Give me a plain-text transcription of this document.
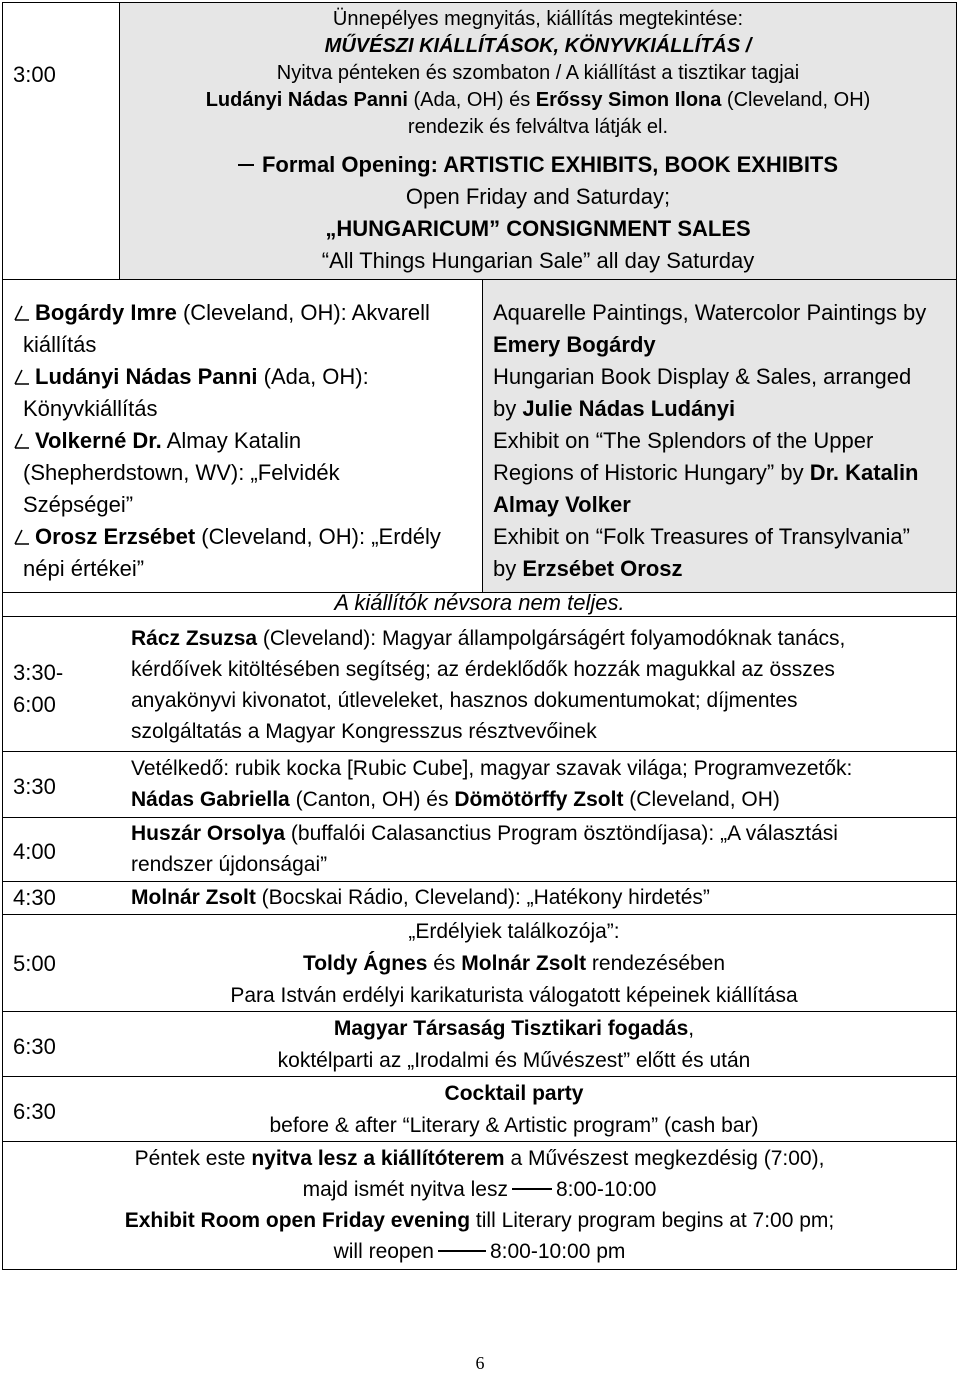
3:00
Ünnepélyes megnyitás, kiállítás megtekintése:
MŰVÉSZI KIÁLLÍTÁSOK, KÖNYVKIÁLLÍTÁS /
Nyitva pénteken és szombaton / A kiállítást a tisztikar tagjai
Ludányi Nádas Panni (Ada, OH) és Erőssy Simon Ilona (Cleveland, OH)
rendezik és felváltva látják el.
Formal Opening: ARTISTIC EXHIBITS, BOOK EXHIBITS
Open Friday and Saturday;
„HUNGARICUM” CONSIGNMENT SALES
“All Things Hungarian Sale” all day Saturday
Bogárdy Imre (Cleveland, OH): Akvarell
kiállítás
Ludányi Nádas Panni (Ada, OH):
Könyvkiállítás
Volkerné Dr. Almay Katalin
(Shepherdstown, WV): „Felvidék
Szépségei”
Orosz Erzsébet (Cleveland, OH): „Erdély
népi értékei”
Aquarelle Paintings, Watercolor Paintings by
Emery Bogárdy
Hungarian Book Display & Sales, arranged
by Julie Nádas Ludányi
Exhibit on “The Splendors of the Upper
Regions of Historic Hungary” by Dr. Katalin
Almay Volker
Exhibit on “Folk Treasures of Transylvania”
by Erzsébet Orosz
A kiállítók névsora nem teljes.
3:30-
6:00
Rácz Zsuzsa (Cleveland): Magyar állampolgárságért folyamodóknak tanács,
kérdőívek kitöltésében segítség; az érdeklődők hozzák magukkal az összes
anyakönyvi kivonatot, útleveleket, hasznos dokumentumokat; díjmentes
szolgáltatás a Magyar Kongresszus résztvevőinek
3:30
Vetélkedő: rubik kocka [Rubic Cube], magyar szavak világa; Programvezetők:
Nádas Gabriella (Canton, OH) és Dömötörffy Zsolt (Cleveland, OH)
4:00
Huszár Orsolya (buffalói Calasanctius Program ösztöndíjasa): „A választási
rendszer újdonságai”
4:30	Molnár Zsolt (Bocskai Rádio, Cleveland): „Hatékony hirdetés”
5:00
„Erdélyiek találkozója”:
Toldy Ágnes és Molnár Zsolt rendezésében
Para István erdélyi karikaturista válogatott képeinek kiállítása
6:30
Magyar Társaság Tisztikari fogadás,
koktélparti az „Irodalmi és Művészest” előtt és után
6:30
Cocktail party
before & after “Literary & Artistic program” (cash bar)
Péntek este nyitva lesz a kiállítóterem a Művészest megkezdésig (7:00),
majd ismét nyitva lesz 8:00-10:00
Exhibit Room open Friday evening till Literary program begins at 7:00 pm;
will reopen	8:00-10:00 pm
6
